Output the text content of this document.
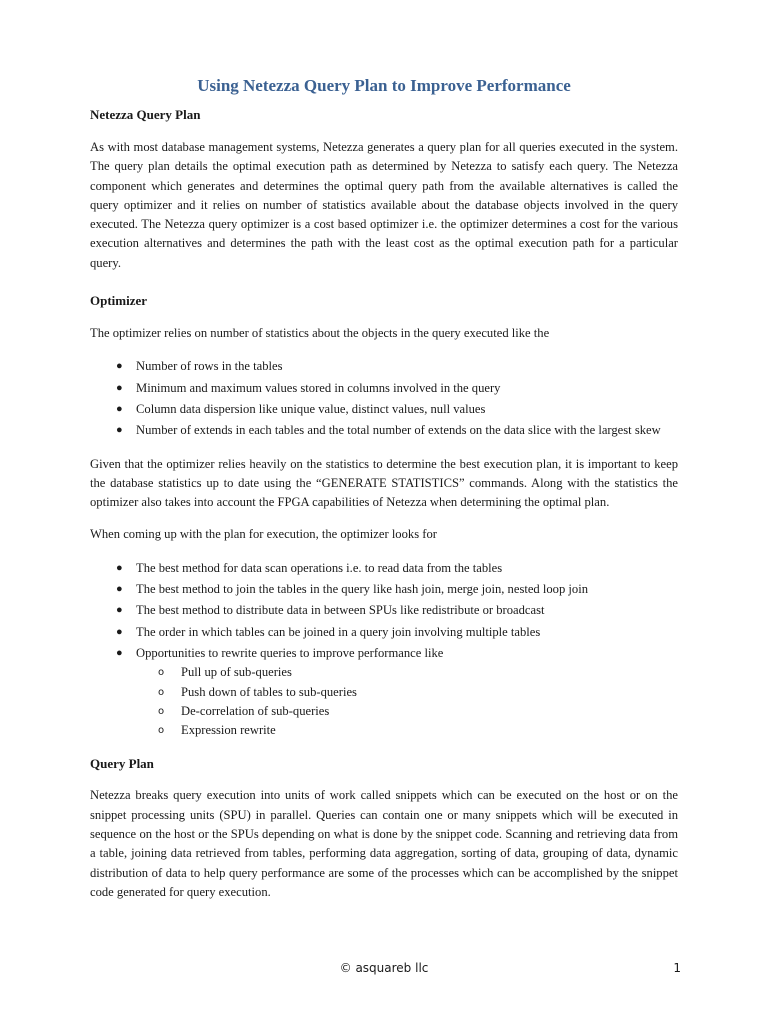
Using Netezza Query Plan to Improve Performance
Netezza Query Plan

As with most database management systems, Netezza generates a query plan for all queries executed in the system. The query plan details the optimal execution path as determined by Netezza to satisfy each query. The Netezza component which generates and determines the optimal query path from the available alternatives is called the query optimizer and it relies on number of statistics available about the database objects involved in the query executed. The Netezza query optimizer is a cost based optimizer i.e. the optimizer determines a cost for the various execution alternatives and determines the path with the least cost as the optimal execution path for a particular query.

Optimizer

The optimizer relies on number of statistics about the objects in the query executed like the

● Number of rows in the tables
● Minimum and maximum values stored in columns involved in the query
● Column data dispersion like unique value, distinct values, null values
● Number of extends in each tables and the total number of extends on the data slice with the largest skew

Given that the optimizer relies heavily on the statistics to determine the best execution plan, it is important to keep the database statistics up to date using the “GENERATE STATISTICS” commands. Along with the statistics the optimizer also takes into account the FPGA capabilities of Netezza when determining the optimal plan.

When coming up with the plan for execution, the optimizer looks for

● The best method for data scan operations i.e. to read data from the tables
● The best method to join the tables in the query like hash join, merge join, nested loop join
● The best method to distribute data in between SPUs like redistribute or broadcast
● The order in which tables can be joined in a query join involving multiple tables
● Opportunities to rewrite queries to improve performance like
o Pull up of sub-queries
o Push down of tables to sub-queries
o De-correlation of sub-queries
o Expression rewrite
Query Plan

Netezza breaks query execution into units of work called snippets which can be executed on the host or on the snippet processing units (SPU) in parallel. Queries can contain one or many snippets which will be executed in sequence on the host or the SPUs depending on what is done by the snippet code. Scanning and retrieving data from a table, joining data retrieved from tables, performing data aggregation, sorting of data, grouping of data, dynamic distribution of data to help query performance are some of the processes which can be accomplished by the snippet code generated for query execution.

© asquareb llc	1
